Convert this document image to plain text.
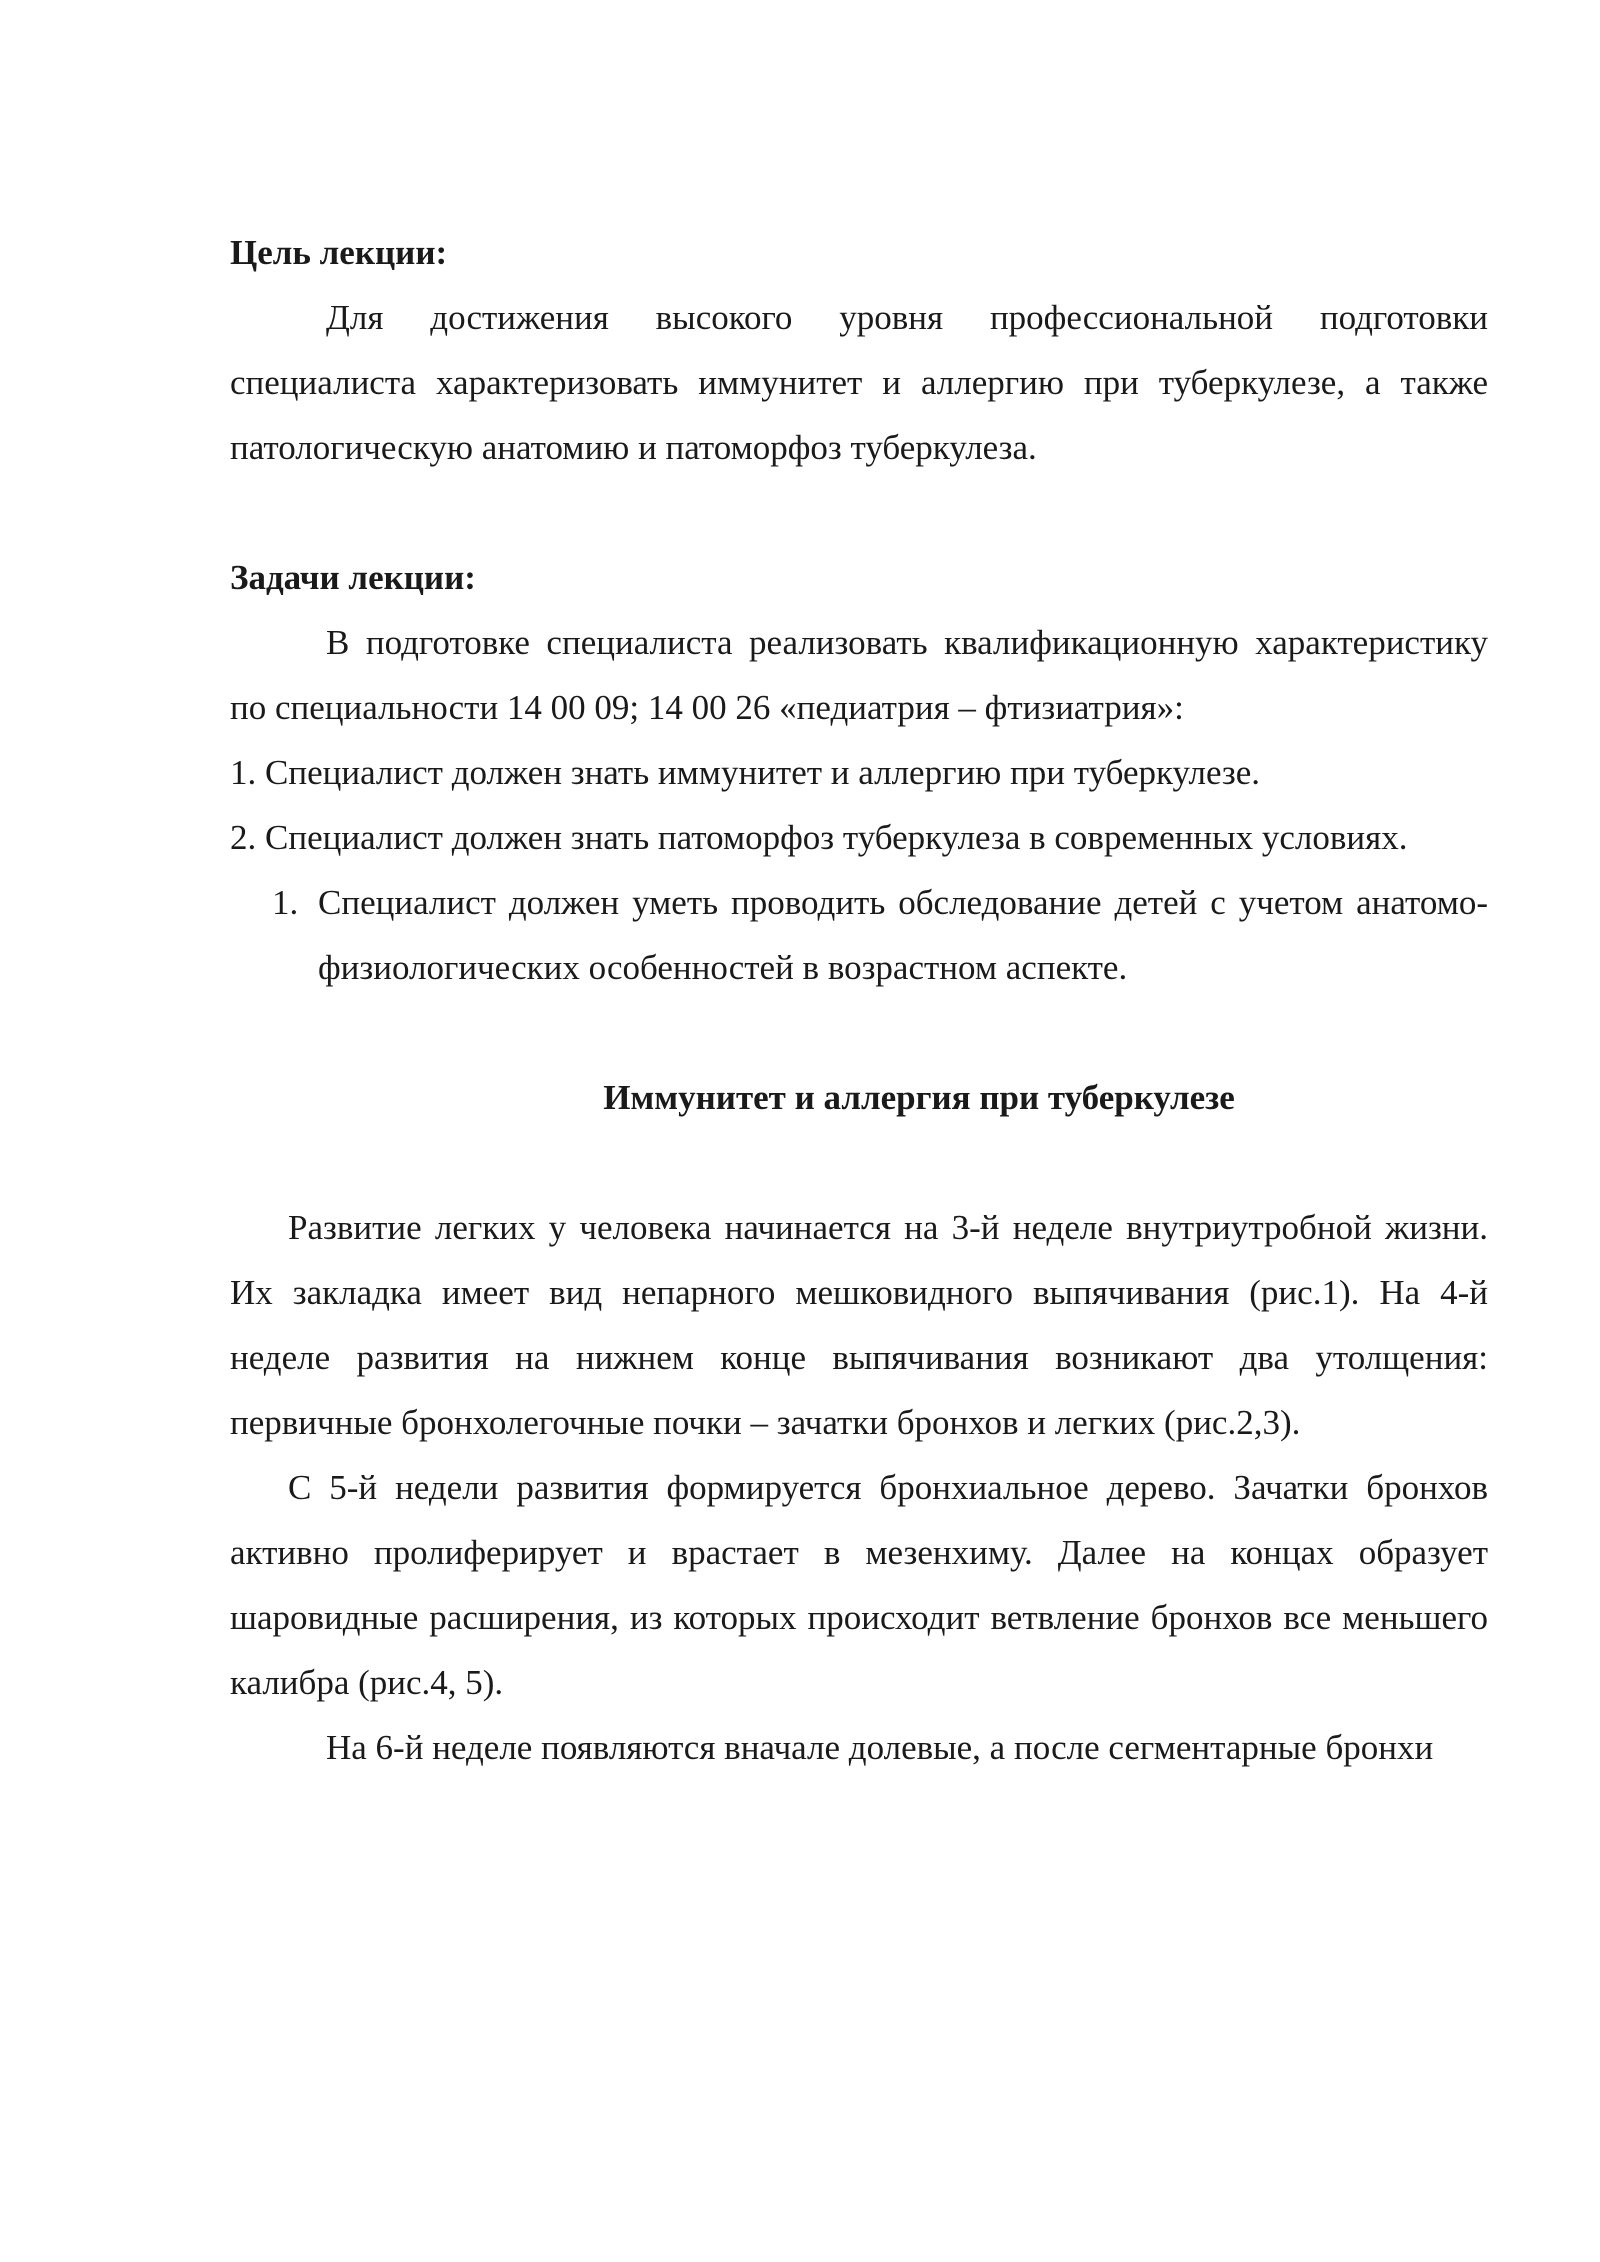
Цель лекции:

Для достижения высокого уровня профессиональной подготовки специалиста характеризовать иммунитет и аллергию при туберкулезе, а также патологическую анатомию и патоморфоз туберкулеза.

Задачи лекции:

В подготовке специалиста реализовать квалификационную характеристику по специальности 14 00 09; 14 00 26 «педиатрия – фтизиатрия»:

1. Специалист должен знать иммунитет и аллергию при туберкулезе.

2. Специалист должен знать патоморфоз туберкулеза в современных условиях.

1. Специалист должен уметь проводить обследование детей с учетом анатомо-физиологических особенностей в возрастном аспекте.

Иммунитет и аллергия при туберкулезе

Развитие легких у человека начинается на 3-й неделе внутриутробной жизни. Их закладка имеет вид непарного мешковидного выпячивания (рис.1). На 4-й неделе развития на нижнем конце выпячивания возникают два утолщения: первичные бронхолегочные почки – зачатки бронхов и легких (рис.2,3).

С 5-й недели развития формируется бронхиальное дерево. Зачатки бронхов активно пролиферирует и врастает в мезенхиму. Далее на концах образует шаровидные расширения, из которых происходит ветвление бронхов все меньшего калибра (рис.4, 5).

На 6-й неделе появляются вначале долевые, а после сегментарные бронхи
